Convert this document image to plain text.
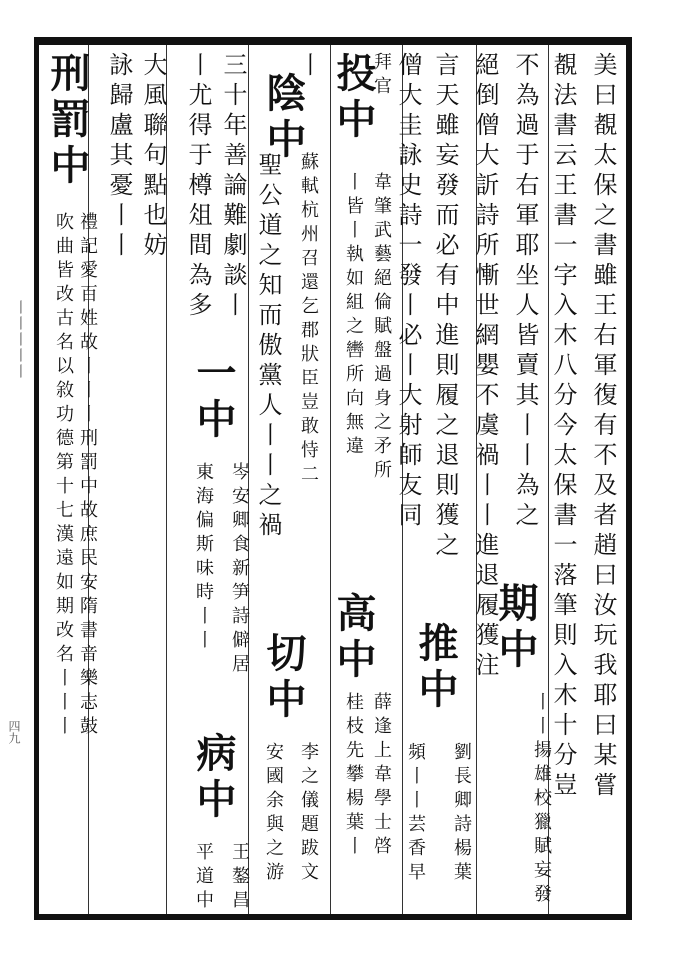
丨丨丨丨丨
四九	美曰覩太保之書雖王右軍復有不及者趙曰汝玩我耶曰某嘗
覩法書云王書一字入木八分今太保書一落筆則入木十分豈
不為過于右軍耶坐人皆賣其丨丨為之
期中
丨丨揚雄校獵賦妄發
絕倒僧大訢詩所慚世網嬰不虞禍丨丨進退履獲注
言天雖妄發而必有中進則履之退則獲之
推中
劉長卿詩楊葉
僧大圭詠史詩一發丨必丨大射師友同
頻丨丨芸香早
拜官
投中
韋肇武藝絕倫賦盤過身之矛所
高中
薛逢上韋學士啓
丨皆丨執如組之轡所向無違
桂枝先攀楊葉丨
丨
陰中
蘇軾杭州召還乞郡狀臣豈敢恃二
切中
李之儀題跋文
聖公道之知而傲黨人丨丨之禍
安國余與之游
三十年善論難劇談丨
一中
岑安卿食新笋詩僻居
丨尤得于樽俎間為多
東海偏斯味時丨丨
病中
王鏊昌
平道中
大風聯句點也妨
詠歸盧其憂丨丨
刑罰中
禮記愛百姓故丨丨丨刑罰中故庶民安隋書音樂志鼓
吹曲皆改古名以敘功德第十七漢遠如期改名丨丨丨
